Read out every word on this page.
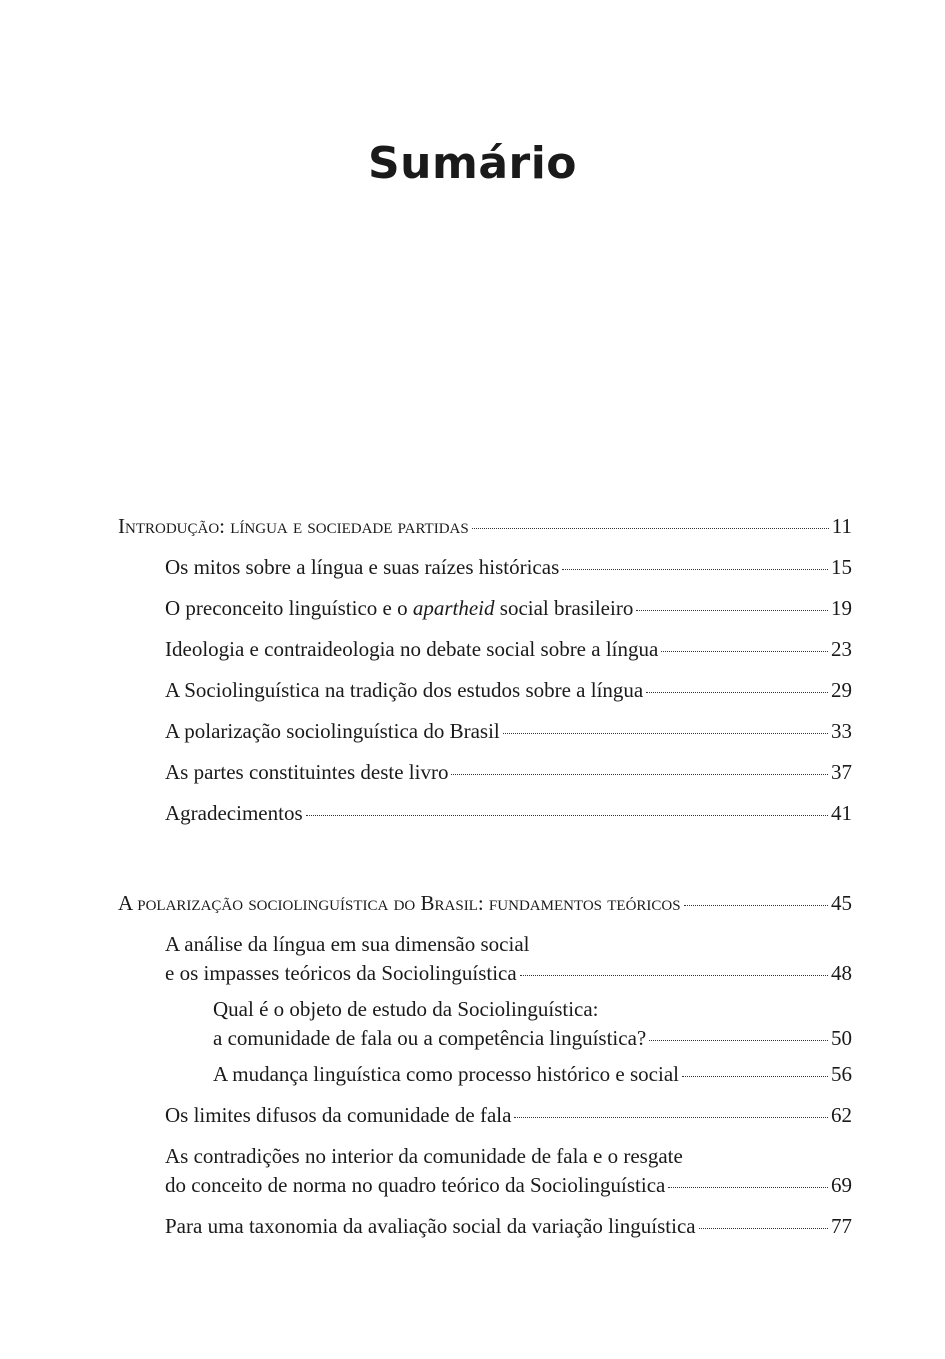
Sumário
Introdução: língua e sociedade partidas	11
Os mitos sobre a língua e suas raízes históricas	15
O preconceito linguístico e o apartheid social brasileiro	19
Ideologia e contraideologia no debate social sobre a língua	23
A Sociolinguística na tradição dos estudos sobre a língua	29
A polarização sociolinguística do Brasil	33
As partes constituintes deste livro	37
Agradecimentos	41
A polarização sociolinguística do Brasil: fundamentos teóricos	45
A análise da língua em sua dimensão social
e os impasses teóricos da Sociolinguística	48
Qual é o objeto de estudo da Sociolinguística:
a comunidade de fala ou a competência linguística?	50
A mudança linguística como processo histórico e social	56
Os limites difusos da comunidade de fala	62
As contradições no interior da comunidade de fala e o resgate
do conceito de norma no quadro teórico da Sociolinguística	69
Para uma taxonomia da avaliação social da variação linguística	77
